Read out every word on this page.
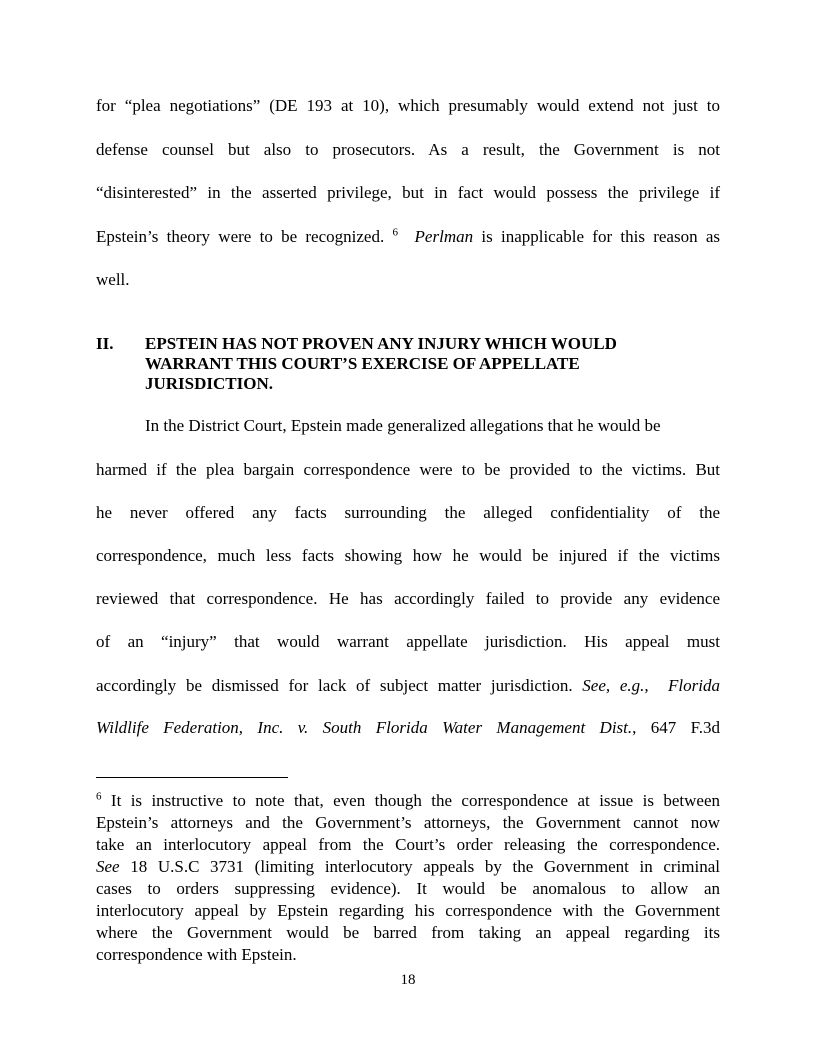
for “plea negotiations” (DE 193 at 10), which presumably would extend not just to
defense counsel but also to prosecutors. As a result, the Government is not
“disinterested” in the asserted privilege, but in fact would possess the privilege if
Epstein’s theory were to be recognized. $^6$ Perlman is inapplicable for this reason as
well.
II. EPSTEIN HAS NOT PROVEN ANY INJURY WHICH WOULD
WARRANT THIS COURT’S EXERCISE OF APPELLATE
JURISDICTION.
In the District Court, Epstein made generalized allegations that he would be
harmed if the plea bargain correspondence were to be provided to the victims. But
he never offered any facts surrounding the alleged confidentiality of the
correspondence, much less facts showing how he would be injured if the victims
reviewed that correspondence. He has accordingly failed to provide any evidence
of an “injury” that would warrant appellate jurisdiction. His appeal must
accordingly be dismissed for lack of subject matter jurisdiction. See, e.g., Florida
Wildlife Federation, Inc. v. South Florida Water Management Dist., 647 F.3d
$^6$ It is instructive to note that, even though the correspondence at issue is between
Epstein’s attorneys and the Government’s attorneys, the Government cannot now
take an interlocutory appeal from the Court’s order releasing the correspondence.
See 18 U.S.C 3731 (limiting interlocutory appeals by the Government in criminal
cases to orders suppressing evidence). It would be anomalous to allow an
interlocutory appeal by Epstein regarding his correspondence with the Government
where the Government would be barred from taking an appeal regarding its
correspondence with Epstein.
18
